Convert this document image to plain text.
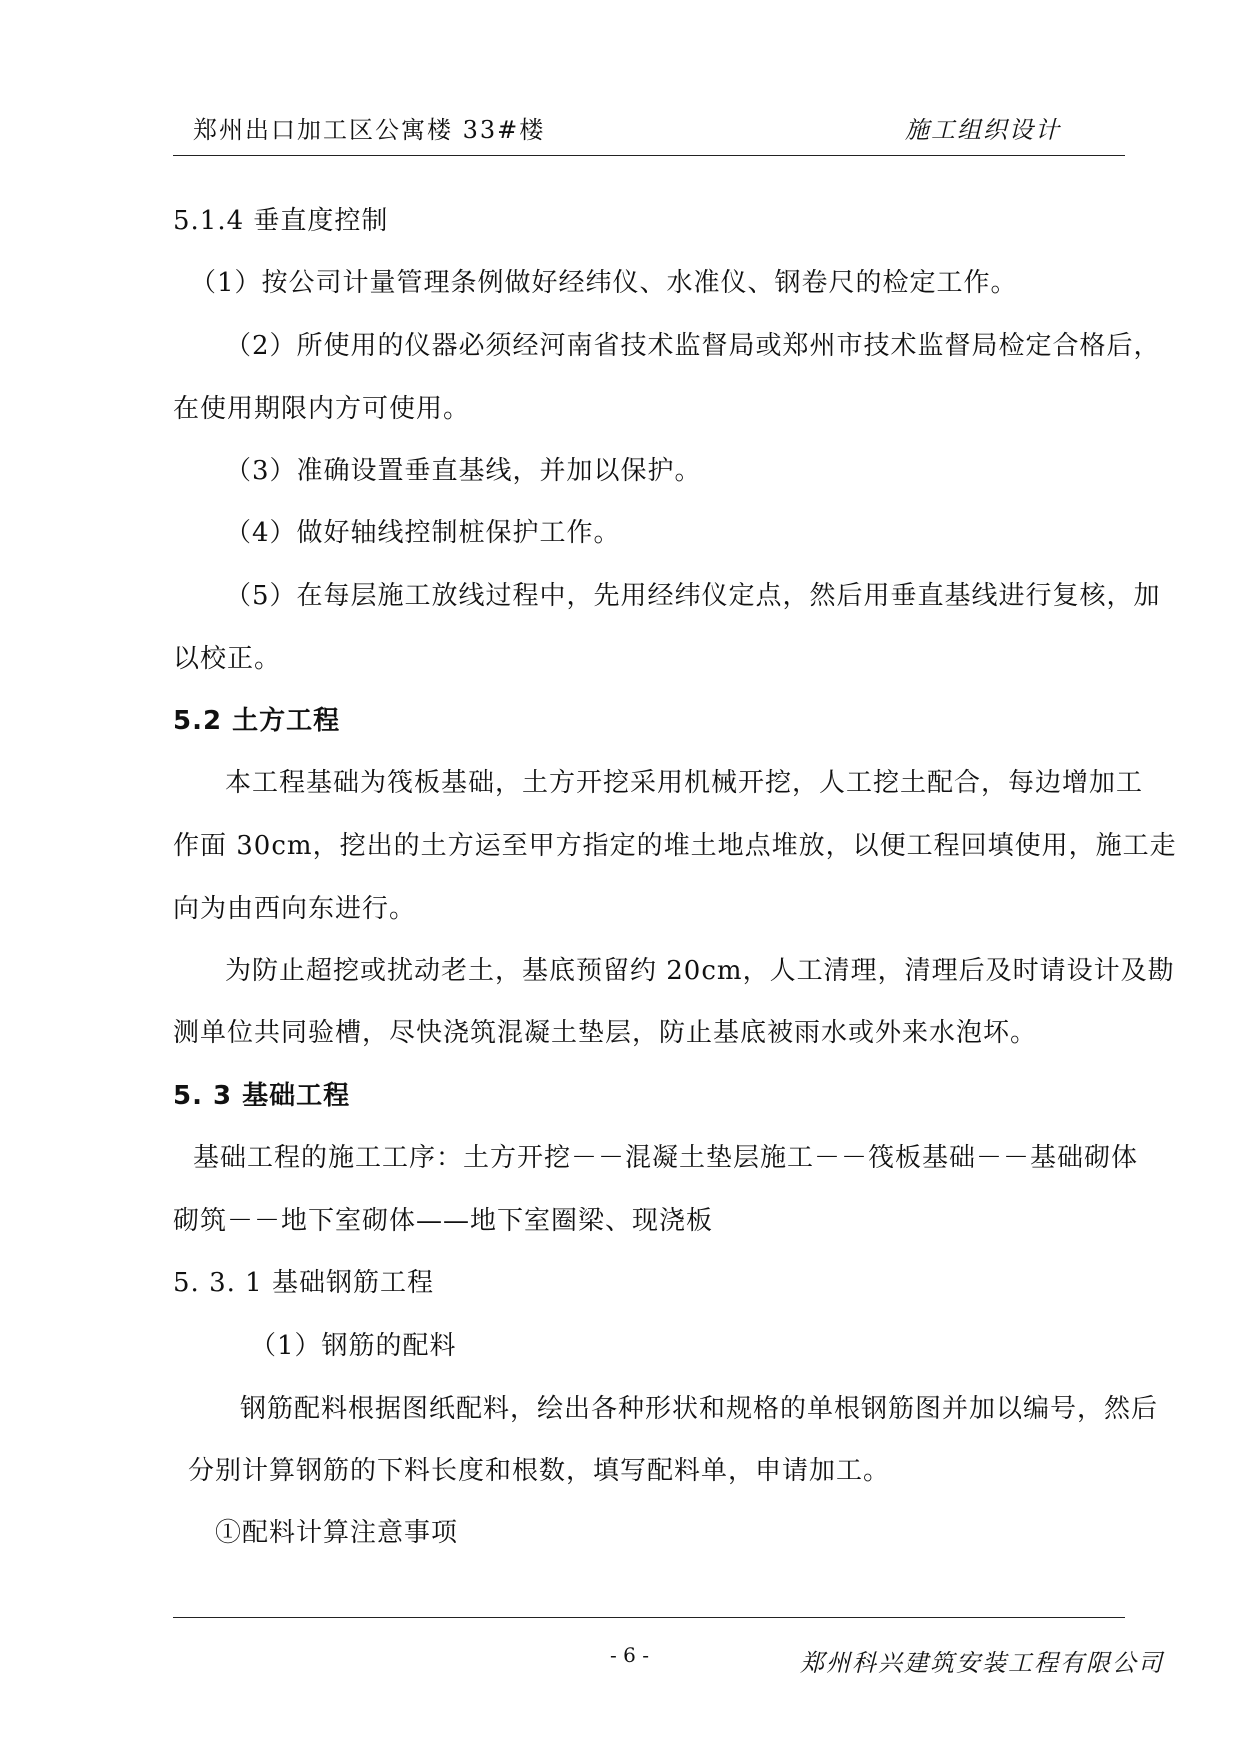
郑州出口加工区公寓楼 33#楼	施工组织设计
5.1.4 垂直度控制
（1）按公司计量管理条例做好经纬仪、水准仪、钢卷尺的检定工作。
（2）所使用的仪器必须经河南省技术监督局或郑州市技术监督局检定合格后，
在使用期限内方可使用。
（3）准确设置垂直基线，并加以保护。
（4）做好轴线控制桩保护工作。
（5）在每层施工放线过程中，先用经纬仪定点，然后用垂直基线进行复核，加
以校正。
5.2 土方工程
本工程基础为筏板基础，土方开挖采用机械开挖，人工挖土配合，每边增加工
作面 30cm，挖出的土方运至甲方指定的堆土地点堆放，以便工程回填使用，施工走
向为由西向东进行。
为防止超挖或扰动老土，基底预留约 20cm，人工清理，清理后及时请设计及勘
测单位共同验槽，尽快浇筑混凝土垫层，防止基底被雨水或外来水泡坏。
5. 3 基础工程
基础工程的施工工序：土方开挖－－混凝土垫层施工－－筏板基础－－基础砌体
砌筑－－地下室砌体——地下室圈梁、现浇板
5. 3. 1 基础钢筋工程
（1）钢筋的配料
钢筋配料根据图纸配料，绘出各种形状和规格的单根钢筋图并加以编号，然后
分别计算钢筋的下料长度和根数，填写配料单，申请加工。
①配料计算注意事项
- 6 -	郑州科兴建筑安装工程有限公司
